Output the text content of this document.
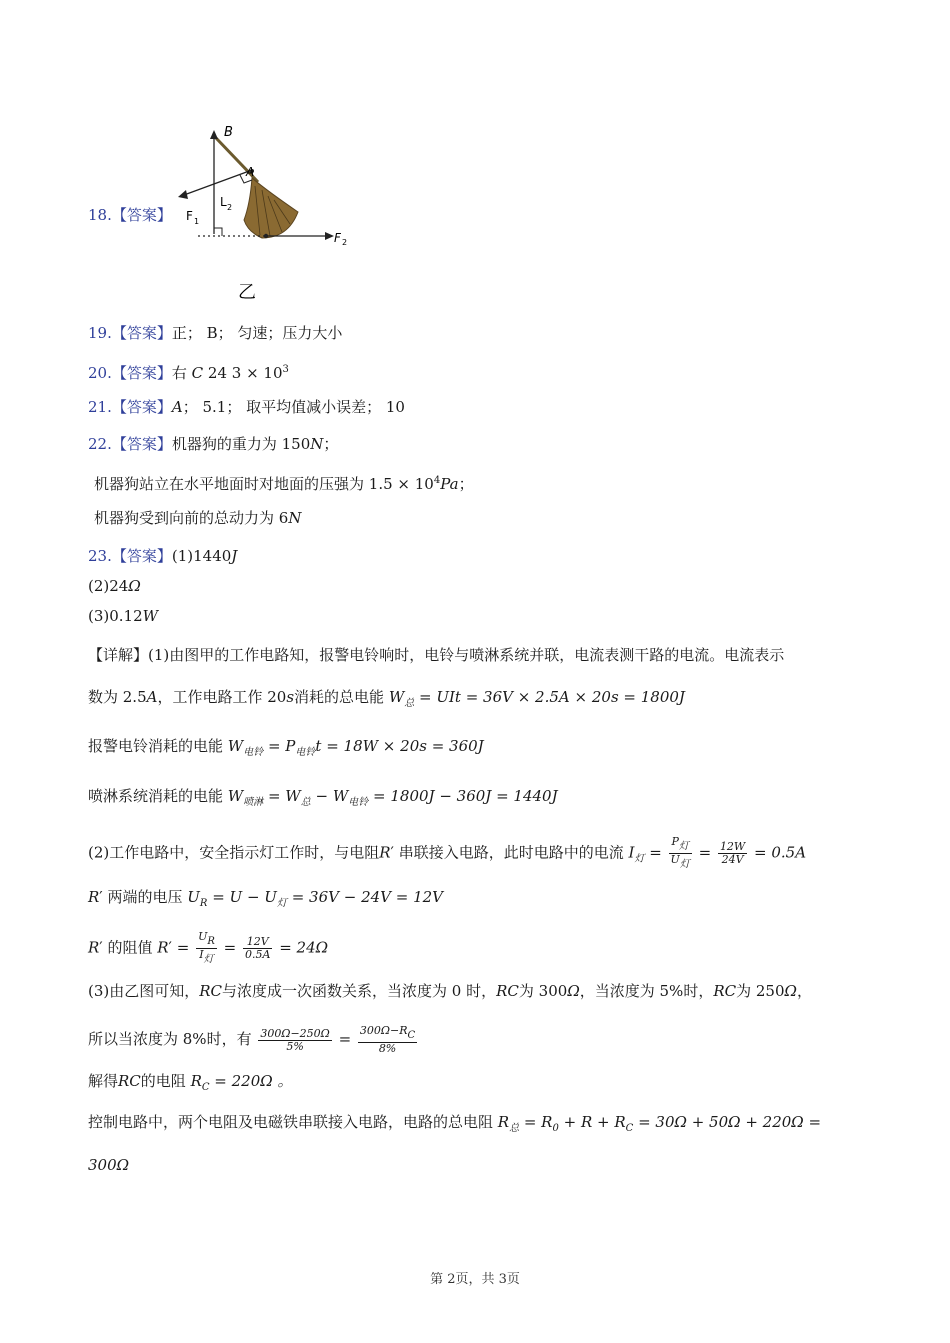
18.【答案】
B
A
L 2
F 1
F 2
乙
19.【答案】正； B； 匀速；压力大小
20.【答案】右 C 24 $3 \times 10^3$
21.【答案】A； 5.1； 取平均值减小误差； 10
22.【答案】机器狗的重力为 150N；
机器狗站立在水平地面时对地面的压强为 $1.5 \times 10^4Pa$；
机器狗受到向前的总动力为 6N
23.【答案】(1)1440J
(2)24Ω
(3)0.12W
【详解】(1)由图甲的工作电路知，报警电铃响时，电铃与喷淋系统并联，电流表测干路的电流。电流表示
数为 2.5A，工作电路工作 20s消耗的总电能 $W_总$ = UIt = 36V × 2.5A × 20s = 1800J
报警电铃消耗的电能 $W_{电铃} = P_{电铃}t = 18W \times 20s = 360J$
喷淋系统消耗的电能 $W_{喷淋} = W_总 - W_{电铃} = 1800J - 360J = 1440J$
(2)工作电路中，安全指示灯工作时，与电阻R′ 串联接入电路，此时电路中的电流 $I_灯 = \frac{P_灯}{U_灯} = \frac{12W}{24V} = 0.5A$
R′ 两端的电压 $U_R = U - U_灯 = 36V - 24V = 12V$
R′ 的阻值 $R' = \frac{U_R}{I_灯} = \frac{12V}{0.5A} = 24\Omega$
(3)由乙图可知，RC与浓度成一次函数关系，当浓度为 0 时，RC为 300Ω，当浓度为 5%时，RC为 250Ω，
所以当浓度为 8%时，有 $\frac{300\Omega-250\Omega}{5\%} = \frac{300\Omega-R_C}{8\%}$
解得RC的电阻 $R_C = 220\Omega$ 。
控制电路中，两个电阻及电磁铁串联接入电路，电路的总电阻 $R_总 = R_0 + R + R_C = 30\Omega + 50\Omega + 220\Omega$ =
300Ω
第 2页，共 3页
